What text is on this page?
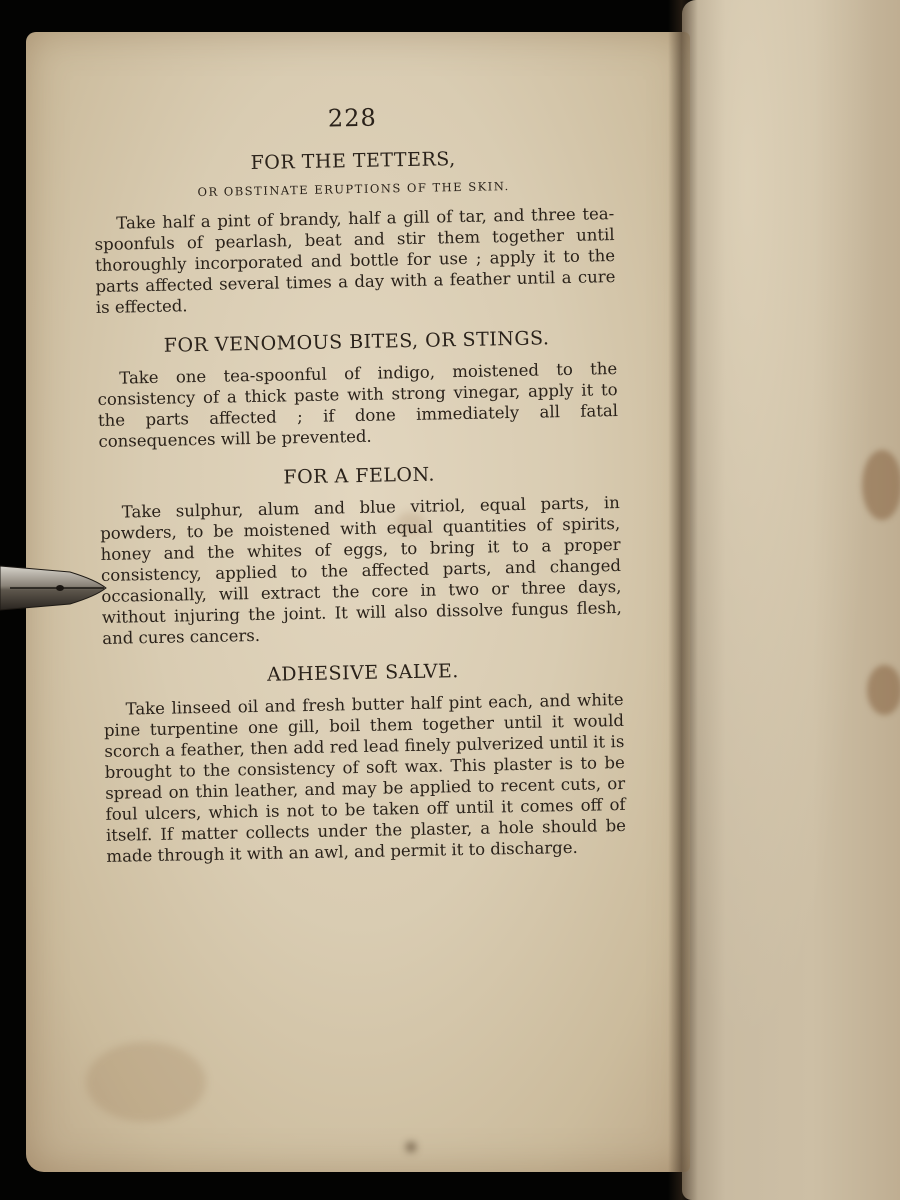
228
FOR THE TETTERS,
OR OBSTINATE ERUPTIONS OF THE SKIN.

Take half a pint of brandy, half a gill of tar, and three tea-spoonfuls of pearlash, beat and stir them together until thoroughly incorporated and bottle for use ; apply it to the parts affected several times a day with a feather until a cure is effected.

FOR VENOMOUS BITES, OR STINGS.

Take one tea-spoonful of indigo, moistened to the consistency of a thick paste with strong vinegar, apply it to the parts affected ; if done immediately all fatal consequences will be prevented.

FOR A FELON.

Take sulphur, alum and blue vitriol, equal parts, in powders, to be moistened with equal quantities of spirits, honey and the whites of eggs, to bring it to a proper consistency, applied to the affected parts, and changed occasionally, will extract the core in two or three days, without injuring the joint. It will also dissolve fungus flesh, and cures cancers.

ADHESIVE SALVE.

Take linseed oil and fresh butter half pint each, and white pine turpentine one gill, boil them together until it would scorch a feather, then add red lead finely pulverized until it is brought to the consistency of soft wax. This plaster is to be spread on thin leather, and may be applied to recent cuts, or foul ulcers, which is not to be taken off until it comes off of itself. If matter collects under the plaster, a hole should be made through it with an awl, and permit it to discharge.
